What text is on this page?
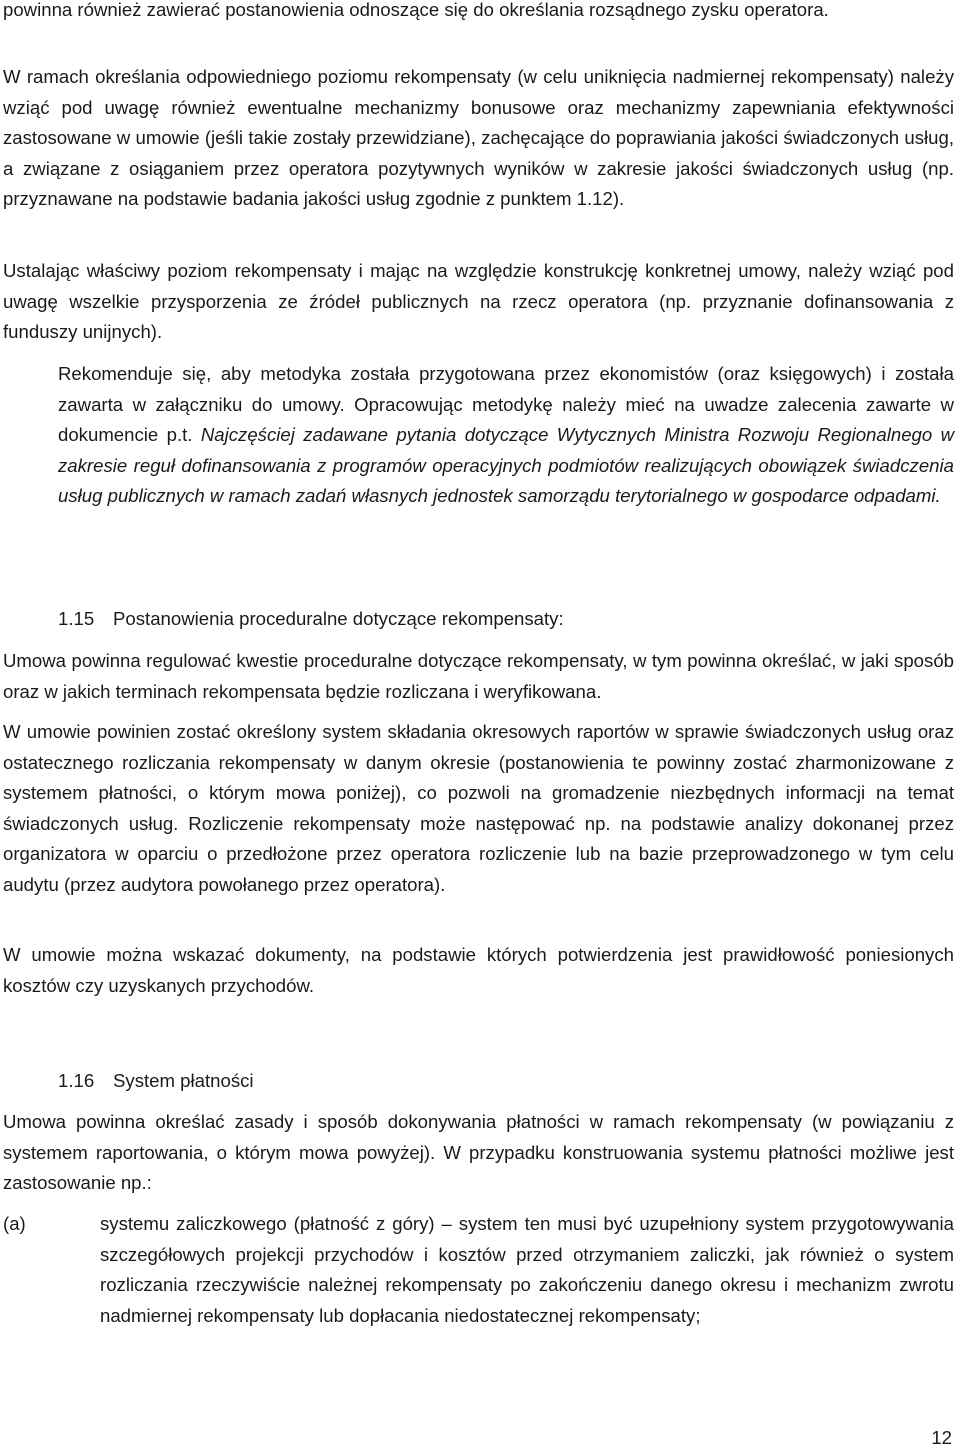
powinna również zawierać postanowienia odnoszące się do określania rozsądnego zysku operatora.

W ramach określania odpowiedniego poziomu rekompensaty (w celu uniknięcia nadmiernej rekompensaty) należy wziąć pod uwagę również ewentualne mechanizmy bonusowe oraz mechanizmy zapewniania efektywności zastosowane w umowie (jeśli takie zostały przewidziane), zachęcające do poprawiania jakości świadczonych usług, a związane z osiąganiem przez operatora pozytywnych wyników w zakresie jakości świadczonych usług (np. przyznawane na podstawie badania jakości usług zgodnie z punktem 1.12).

Ustalając właściwy poziom rekompensaty i mając na względzie konstrukcję konkretnej umowy, należy wziąć pod uwagę wszelkie przysporzenia ze źródeł publicznych na rzecz operatora (np. przyznanie dofinansowania z funduszy unijnych).

Rekomenduje się, aby metodyka została przygotowana przez ekonomistów (oraz księgowych) i została zawarta w załączniku do umowy. Opracowując metodykę należy mieć na uwadze zalecenia zawarte w dokumencie p.t. Najczęściej zadawane pytania dotyczące Wytycznych Ministra Rozwoju Regionalnego w zakresie reguł dofinansowania z programów operacyjnych podmiotów realizujących obowiązek świadczenia usług publicznych w ramach zadań własnych jednostek samorządu terytorialnego w gospodarce odpadami.

1.15 Postanowienia proceduralne dotyczące rekompensaty:

Umowa powinna regulować kwestie proceduralne dotyczące rekompensaty, w tym powinna określać, w jaki sposób oraz w jakich terminach rekompensata będzie rozliczana i weryfikowana.

W umowie powinien zostać określony system składania okresowych raportów w sprawie świadczonych usług oraz ostatecznego rozliczania rekompensaty w danym okresie (postanowienia te powinny zostać zharmonizowane z systemem płatności, o którym mowa poniżej), co pozwoli na gromadzenie niezbędnych informacji na temat świadczonych usług. Rozliczenie rekompensaty może następować np. na podstawie analizy dokonanej przez organizatora w oparciu o przedłożone przez operatora rozliczenie lub na bazie przeprowadzonego w tym celu audytu (przez audytora powołanego przez operatora).

W umowie można wskazać dokumenty, na podstawie których potwierdzenia jest prawidłowość poniesionych kosztów czy uzyskanych przychodów.

1.16 System płatności

Umowa powinna określać zasady i sposób dokonywania płatności w ramach rekompensaty (w powiązaniu z systemem raportowania, o którym mowa powyżej). W przypadku konstruowania systemu płatności możliwe jest zastosowanie np.:

(a)	systemu zaliczkowego (płatność z góry) – system ten musi być uzupełniony system przygotowywania szczegółowych projekcji przychodów i kosztów przed otrzymaniem zaliczki, jak również o system rozliczania rzeczywiście należnej rekompensaty po zakończeniu danego okresu i mechanizm zwrotu nadmiernej rekompensaty lub dopłacania niedostatecznej rekompensaty;

12
